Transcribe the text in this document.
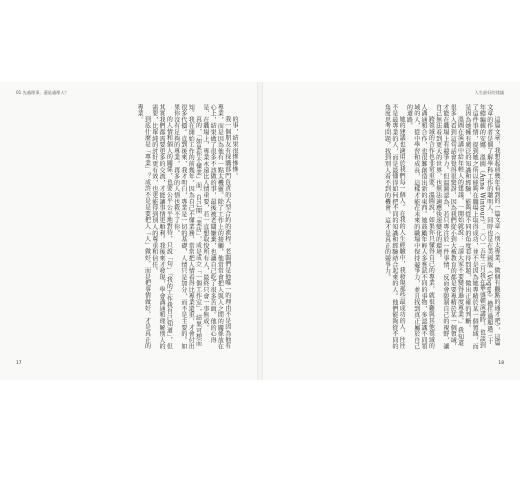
01 先處理事，還是處理人？

的事，結果很慘慘慘。

我一個朋友有採購部門負責的大型合約的流程，老闆們是他唯一的理由不是因為他有專業，而是因為他有一點太機靈。除了工作上的接觸，他常常會把人與人之間的關係放在心上，結果做了很多不該做的事，最後被老闆嫌棄，也讓自己吃了很多苦頭。他的心得是，在職場上，專業永遠比人情重要，若一直想取悅所有人，最終只會一事無成。

真的，「如果你不懂業」面，自己開「業店」，成是成立「一個工作室」，結果可想而知。我在開始工作的前幾年，因為自己不懂業務，常常把人情看得比專業還重，才會付出很多代價。直到後來，我才明白，專業是一切的基礎，人情只是加分，而不是主要的。如果你沒有足夠的專業，再多的人情也救不了你。

的人情和個人的關係，也要公平公平地對待，只說「句」「我的工作我自己知道」，但其實我們都需要更多的交流，才能讓事情更順利。我後來才發現，學會溝通和理解別人的需要，比單純的討好更有效，也更能得到別人的尊重和信任。

到底什麼是「專業」？成許不是是要把人「人」做好，而是把事情做好，才是真正的專業。

17
人生最好的建議

這篇文章，我想起前幾年看到的一篇文章〈別太專業，做個有觀點的通才吧〉，這篇文章的作者是個了解學科工作的聰明人，同時也是在美國版《Vogue》擔任過超過三十年總編輯的安娜．溫圖（Anna Wintour）。二〇一五年三月我在華盛頓演講時，也談到了這件事情，提到她之所以能夠在職場上取得成功，並不是因為她專精於某一個領域，而是因為她擁有廣泛的知識和經驗，能夠從不同的角度看待問題，做出正確的判斷。

溫圖在演講中給年輕人的建議，一開始就說：「請大家不要變得過度專業。」我知道很多人看到這句話會覺得很驚訝，因為我們從小到大被教育的都是要專精於某一個領域，才能在職場上有競爭力。但溫圖認為，若只專注於一件事情，反而會限制自己的視野，讓自己無法看到更大的世界，也無法適應快速變化的環境。

跨領域的合作也非常重要。溫圖說，如果你只懂得自己的專業，就很難與其他領域的人溝通和合作，也很難創造出新的東西。她鼓勵年輕人多嘗試不同的事物，多認識不同領域的人，從中學習和成長，這樣才能在未來的職場中保持競爭力，並且找到真正屬於自己的道路。

她的建議也適用於我們每一個人。在我的人生經驗中，我發現那些最成功的人，往往不是最專業的人，而是最懂得如何把不同的知識和經驗結合起來的人。他們能夠從不同的角度思考問題，找到別人看不到的機會，這才是真正的競爭力。

18
